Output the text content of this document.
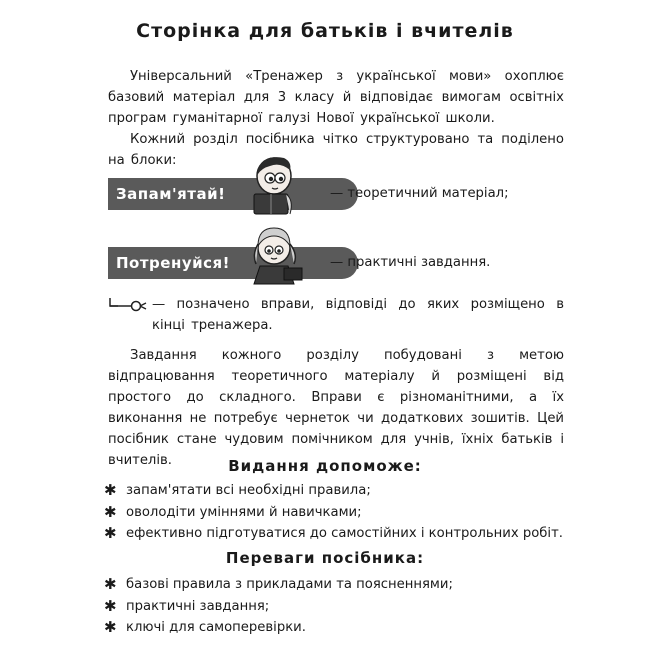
Сторінка для батьків і вчителів
Універсальний «Тренажер з української мови» охоплює базовий матеріал для 3 класу й відповідає вимогам освітніх програм гуманітарної галузі Нової української школи.
Кожний розділ посібника чітко структуровано та поділено на блоки:
Запам'ятай!	— теоретичний матеріал;
Потренуйся!	— практичні завдання.
— позначено вправи, відповіді до яких розміщено в кінці тренажера.
Завдання кожного розділу побудовані з метою відпрацювання теоретичного матеріалу й розміщені від простого до складного. Вправи є різноманітними, а їх виконання не потребує чернеток чи додаткових зошитів. Цей посібник стане чудовим помічником для учнів, їхніх батьків і вчителів.	Видання допоможе:
✱ запам'ятати всі необхідні правила;
✱ оволодіти уміннями й навичками;
✱ ефективно підготуватися до самостійних і контрольних робіт.
Переваги посібника:
✱ базові правила з прикладами та поясненнями;
✱ практичні завдання;
✱ ключі для самоперевірки.
